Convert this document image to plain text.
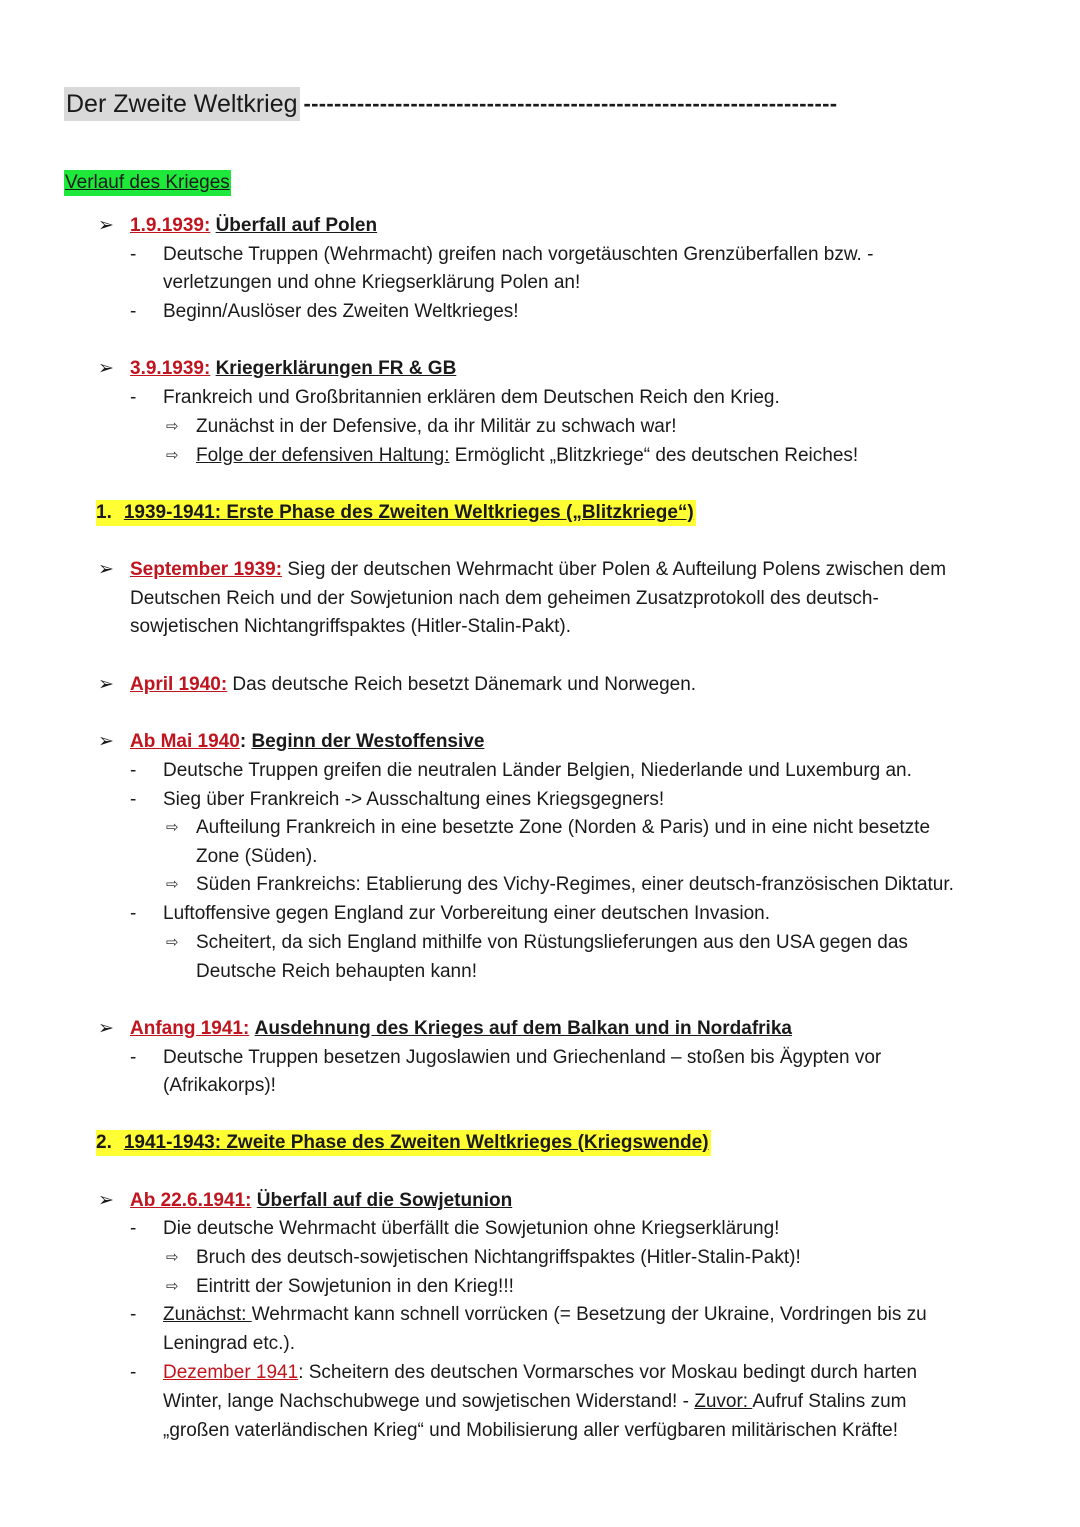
Der Zweite Weltkrieg ----------------------------------------------------------------------
Verlauf des Krieges
➢ 1.9.1939: Überfall auf Polen
- Deutsche Truppen (Wehrmacht) greifen nach vorgetäuschten Grenzüberfallen bzw. -
verletzungen und ohne Kriegserklärung Polen an!
- Beginn/Auslöser des Zweiten Weltkrieges!
➢ 3.9.1939: Kriegerklärungen FR & GB
- Frankreich und Großbritannien erklären dem Deutschen Reich den Krieg.
⇨ Zunächst in der Defensive, da ihr Militär zu schwach war!
⇨ Folge der defensiven Haltung: Ermöglicht „Blitzkriege“ des deutschen Reiches!
1. 1939-1941: Erste Phase des Zweiten Weltkrieges („Blitzkriege“)
➢ September 1939: Sieg der deutschen Wehrmacht über Polen & Aufteilung Polens zwischen dem
Deutschen Reich und der Sowjetunion nach dem geheimen Zusatzprotokoll des deutsch-
sowjetischen Nichtangriffspaktes (Hitler-Stalin-Pakt).
➢ April 1940: Das deutsche Reich besetzt Dänemark und Norwegen.
➢ Ab Mai 1940: Beginn der Westoffensive
- Deutsche Truppen greifen die neutralen Länder Belgien, Niederlande und Luxemburg an.
- Sieg über Frankreich -> Ausschaltung eines Kriegsgegners!
⇨ Aufteilung Frankreich in eine besetzte Zone (Norden & Paris) und in eine nicht besetzte
Zone (Süden).
⇨ Süden Frankreichs: Etablierung des Vichy-Regimes, einer deutsch-französischen Diktatur.
- Luftoffensive gegen England zur Vorbereitung einer deutschen Invasion.
⇨ Scheitert, da sich England mithilfe von Rüstungslieferungen aus den USA gegen das
Deutsche Reich behaupten kann!
➢ Anfang 1941: Ausdehnung des Krieges auf dem Balkan und in Nordafrika
- Deutsche Truppen besetzen Jugoslawien und Griechenland – stoßen bis Ägypten vor
(Afrikakorps)!
2. 1941-1943: Zweite Phase des Zweiten Weltkrieges (Kriegswende)
➢ Ab 22.6.1941: Überfall auf die Sowjetunion
- Die deutsche Wehrmacht überfällt die Sowjetunion ohne Kriegserklärung!
⇨ Bruch des deutsch-sowjetischen Nichtangriffspaktes (Hitler-Stalin-Pakt)!
⇨ Eintritt der Sowjetunion in den Krieg!!!
- Zunächst: Wehrmacht kann schnell vorrücken (= Besetzung der Ukraine, Vordringen bis zu
Leningrad etc.).
- Dezember 1941: Scheitern des deutschen Vormarsches vor Moskau bedingt durch harten
Winter, lange Nachschubwege und sowjetischen Widerstand! - Zuvor: Aufruf Stalins zum
„großen vaterländischen Krieg“ und Mobilisierung aller verfügbaren militärischen Kräfte!
